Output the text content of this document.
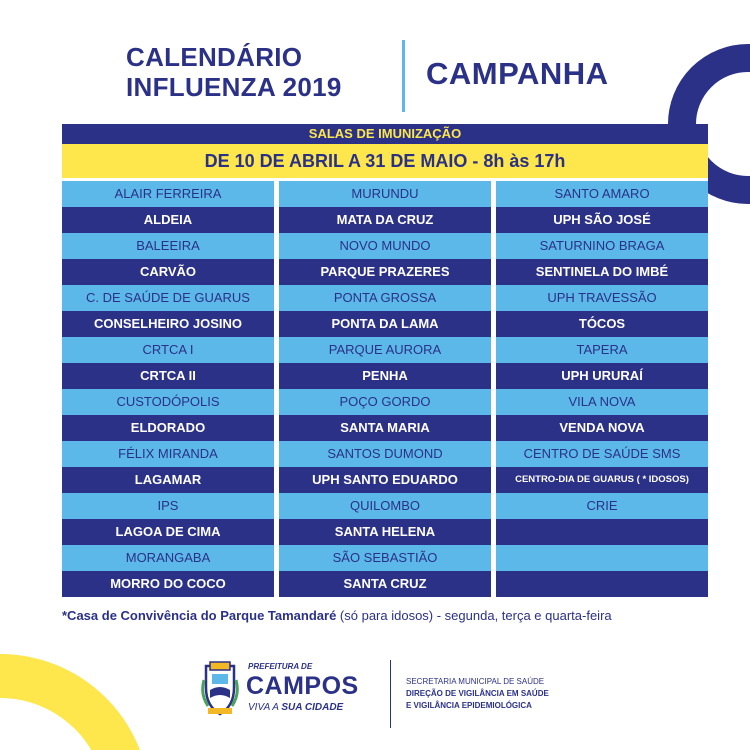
CALENDÁRIO
INFLUENZA 2019	CAMPANHA
SALAS DE IMUNIZAÇÃO
DE 10 DE ABRIL A 31 DE MAIO - 8h às 17h
ALAIR FERREIRA
ALDEIA
BALEEIRA
CARVÃO
C. DE SAÚDE DE GUARUS
CONSELHEIRO JOSINO
CRTCA I
CRTCA II
CUSTODÓPOLIS
ELDORADO
FÉLIX MIRANDA
LAGAMAR
IPS
LAGOA DE CIMA
MORANGABA
MORRO DO COCO
MURUNDU
MATA DA CRUZ
NOVO MUNDO
PARQUE PRAZERES
PONTA GROSSA
PONTA DA LAMA
PARQUE AURORA
PENHA
POÇO GORDO
SANTA MARIA
SANTOS DUMOND
UPH SANTO EDUARDO
QUILOMBO
SANTA HELENA
SÃO SEBASTIÃO
SANTA CRUZ
SANTO AMARO
UPH SÃO JOSÉ
SATURNINO BRAGA
SENTINELA DO IMBÉ
UPH TRAVESSÃO
TÓCOS
TAPERA
UPH URURAÍ
VILA NOVA
VENDA NOVA
CENTRO DE SAÚDE SMS
CENTRO-DIA DE GUARUS ( * IDOSOS)
CRIE
*Casa de Convivência do Parque Tamandaré (só para idosos) - segunda, terça e quarta-feira
PREFEITURA DE
CAMPOS
VIVA A SUA CIDADE
SECRETARIA MUNICIPAL DE SAÚDE
DIREÇÃO DE VIGILÂNCIA EM SAÚDE
E VIGILÂNCIA EPIDEMIOLÓGICA
